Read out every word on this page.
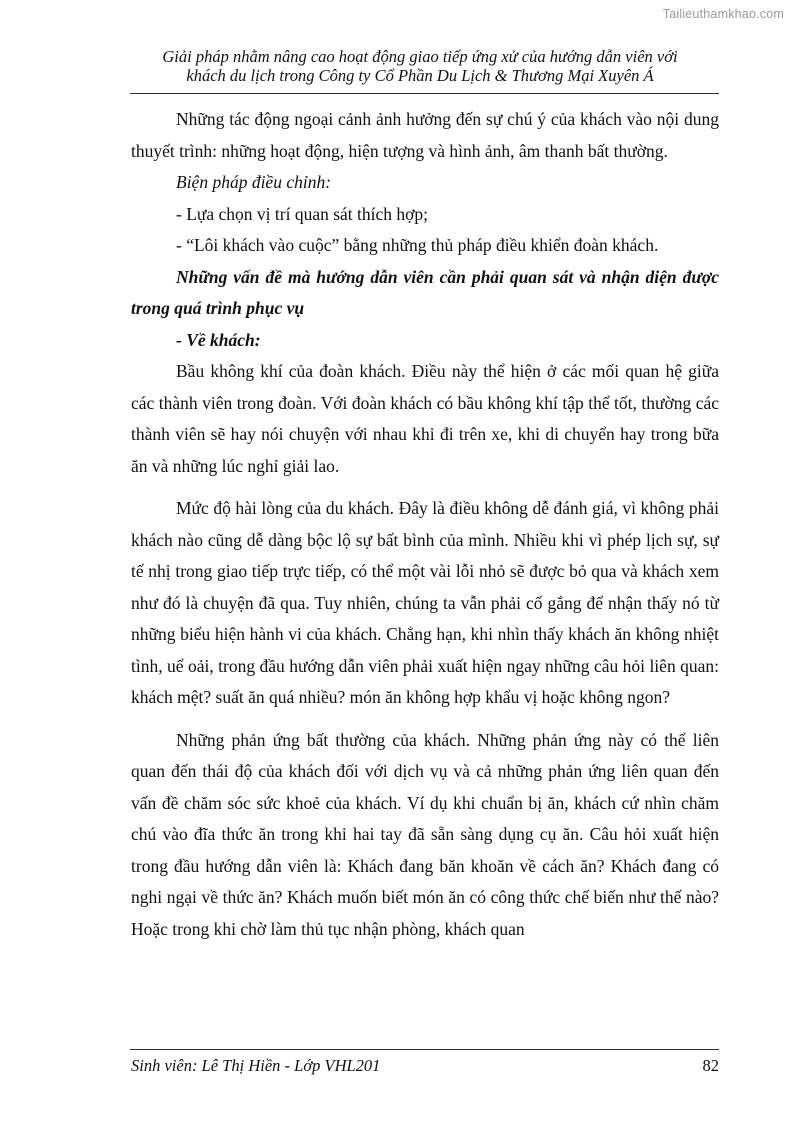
Tailieuthamkhao.com
Giải pháp nhằm nâng cao hoạt động giao tiếp ứng xử của hướng dẫn viên với
khách du lịch trong Công ty Cổ Phần Du Lịch & Thương Mại Xuyên Á

Những tác động ngoại cảnh ảnh hưởng đến sự chú ý của khách vào nội dung thuyết trình: những hoạt động, hiện tượng và hình ảnh, âm thanh bất thường.

Biện pháp điều chỉnh:

- Lựa chọn vị trí quan sát thích hợp;

- “Lôi khách vào cuộc” bằng những thủ pháp điều khiển đoàn khách.

Những vấn đề mà hướng dẫn viên cần phải quan sát và nhận diện được trong quá trình phục vụ

- Về khách:

Bầu không khí của đoàn khách. Điều này thể hiện ở các mối quan hệ giữa các thành viên trong đoàn. Với đoàn khách có bầu không khí tập thể tốt, thường các thành viên sẽ hay nói chuyện với nhau khi đi trên xe, khi di chuyển hay trong bữa ăn và những lúc nghỉ giải lao.

Mức độ hài lòng của du khách. Đây là điều không dễ đánh giá, vì không phải khách nào cũng dễ dàng bộc lộ sự bất bình của mình. Nhiều khi vì phép lịch sự, sự tế nhị trong giao tiếp trực tiếp, có thể một vài lỗi nhỏ sẽ được bỏ qua và khách xem như đó là chuyện đã qua. Tuy nhiên, chúng ta vẫn phải cố gắng để nhận thấy nó từ những biểu hiện hành vi của khách. Chẳng hạn, khi nhìn thấy khách ăn không nhiệt tình, uể oải, trong đầu hướng dẫn viên phải xuất hiện ngay những câu hỏi liên quan: khách mệt? suất ăn quá nhiều? món ăn không hợp khẩu vị hoặc không ngon?

Những phản ứng bất thường của khách. Những phản ứng này có thể liên quan đến thái độ của khách đối với dịch vụ và cả những phản ứng liên quan đến vấn đề chăm sóc sức khoẻ của khách. Ví dụ khi chuẩn bị ăn, khách cứ nhìn chăm chú vào đĩa thức ăn trong khi hai tay đã sẵn sàng dụng cụ ăn. Câu hỏi xuất hiện trong đầu hướng dẫn viên là: Khách đang băn khoăn về cách ăn? Khách đang có nghi ngại về thức ăn? Khách muốn biết món ăn có công thức chế biến như thế nào? Hoặc trong khi chờ làm thủ tục nhận phòng, khách quan

Sinh viên: Lê Thị Hiền - Lớp VHL201	82
